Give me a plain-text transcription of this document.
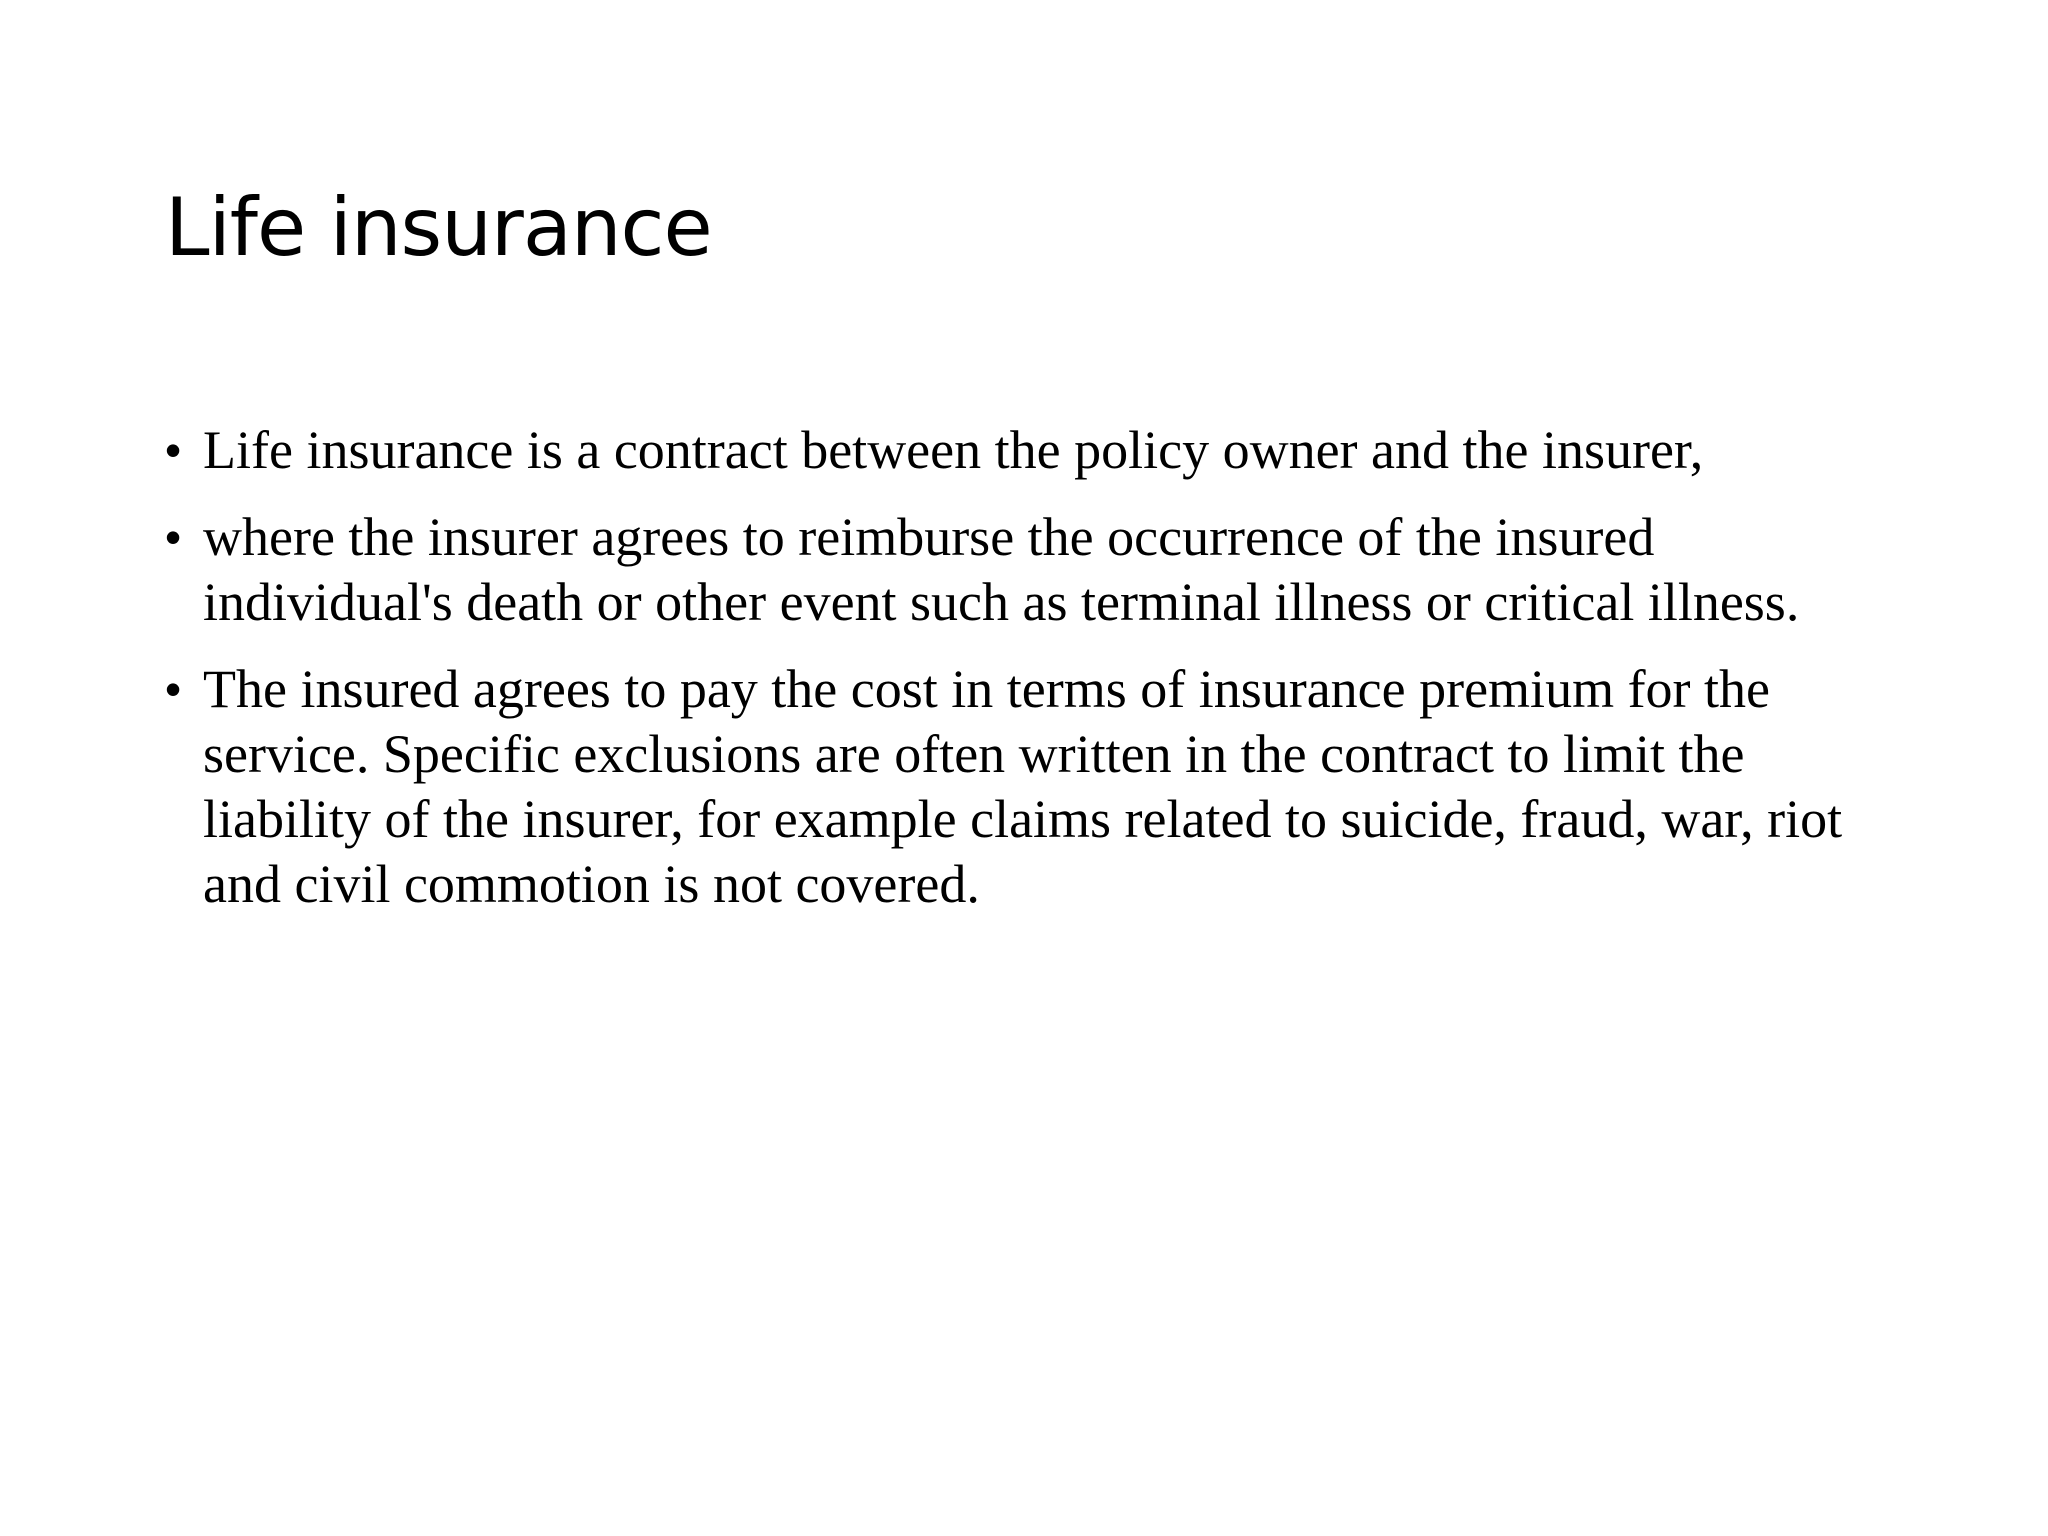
Life insurance
• Life insurance is a contract between the policy owner and the insurer,
• where the insurer agrees to reimburse the occurrence of the insured individual's death or other event such as terminal illness or critical illness.
• The insured agrees to pay the cost in terms of insurance premium for the service. Specific exclusions are often written in the contract to limit the liability of the insurer, for example claims related to suicide, fraud, war, riot and civil commotion is not covered.
